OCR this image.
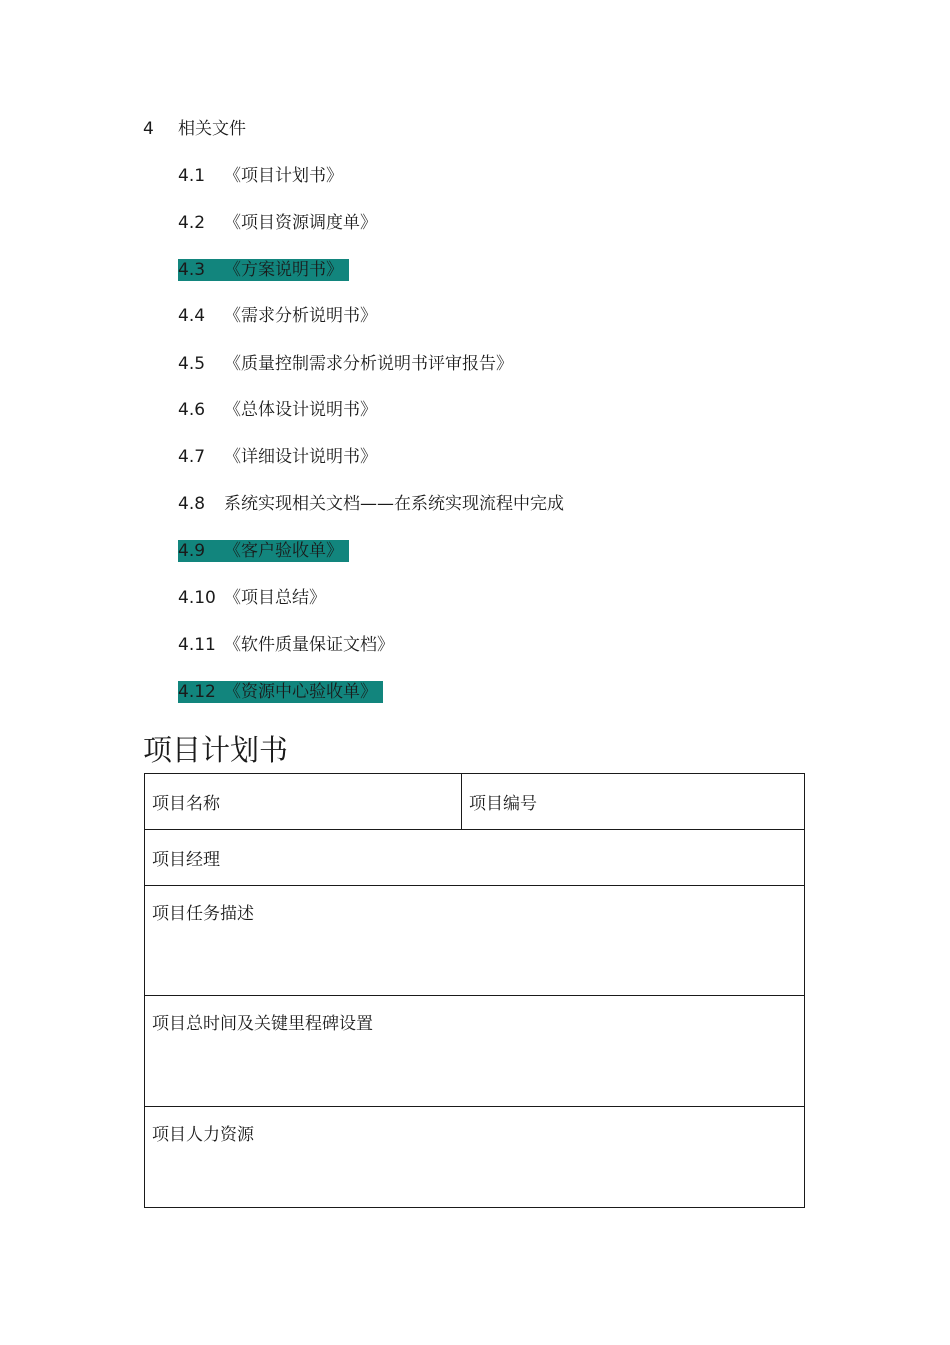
4 相关文件
4.1 《项目计划书》
4.2 《项目资源调度单》
4.3 《方案说明书》
4.4 《需求分析说明书》
4.5 《质量控制需求分析说明书评审报告》
4.6 《总体设计说明书》
4.7 《详细设计说明书》
4.8 系统实现相关文档——在系统实现流程中完成
4.9 《客户验收单》
4.10 《项目总结》
4.11 《软件质量保证文档》
4.12 《资源中心验收单》
项目计划书
项目名称	项目编号
项目经理
项目任务描述
项目总时间及关键里程碑设置
项目人力资源
